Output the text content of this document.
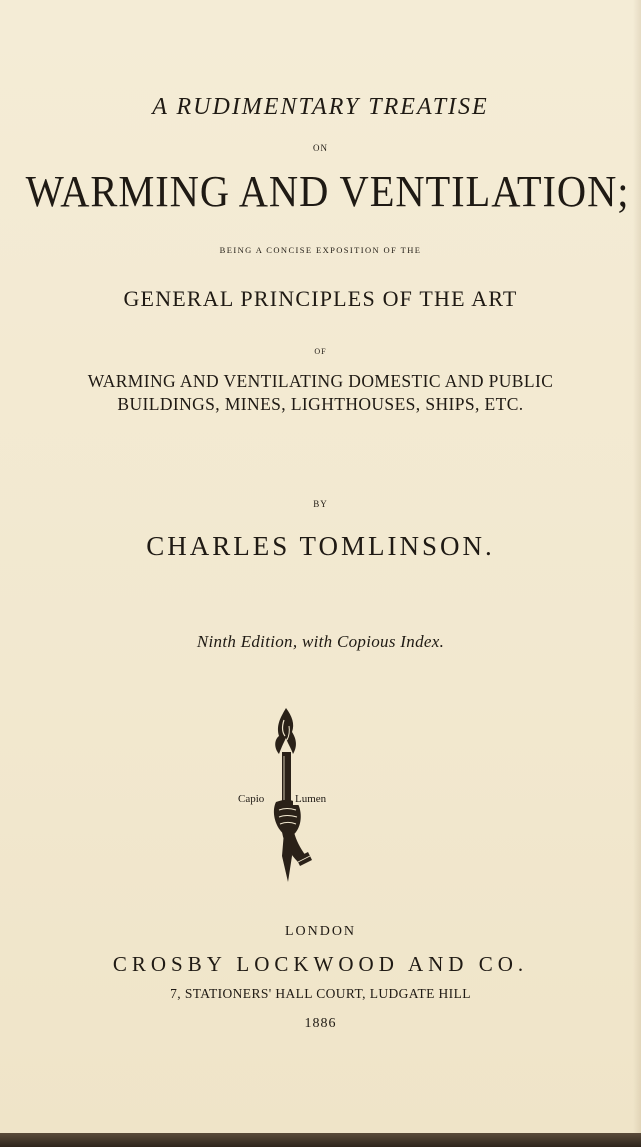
A RUDIMENTARY TREATISE
ON
WARMING AND VENTILATION;
BEING A CONCISE EXPOSITION OF THE
GENERAL PRINCIPLES OF THE ART
OF
WARMING AND VENTILATING DOMESTIC AND PUBLIC
BUILDINGS, MINES, LIGHTHOUSES, SHIPS, ETC.
BY
CHARLES TOMLINSON.
Ninth Edition, with Copious Index.
Capio	Lumen
LONDON
CROSBY LOCKWOOD AND CO.
7, STATIONERS' HALL COURT, LUDGATE HILL
1886
